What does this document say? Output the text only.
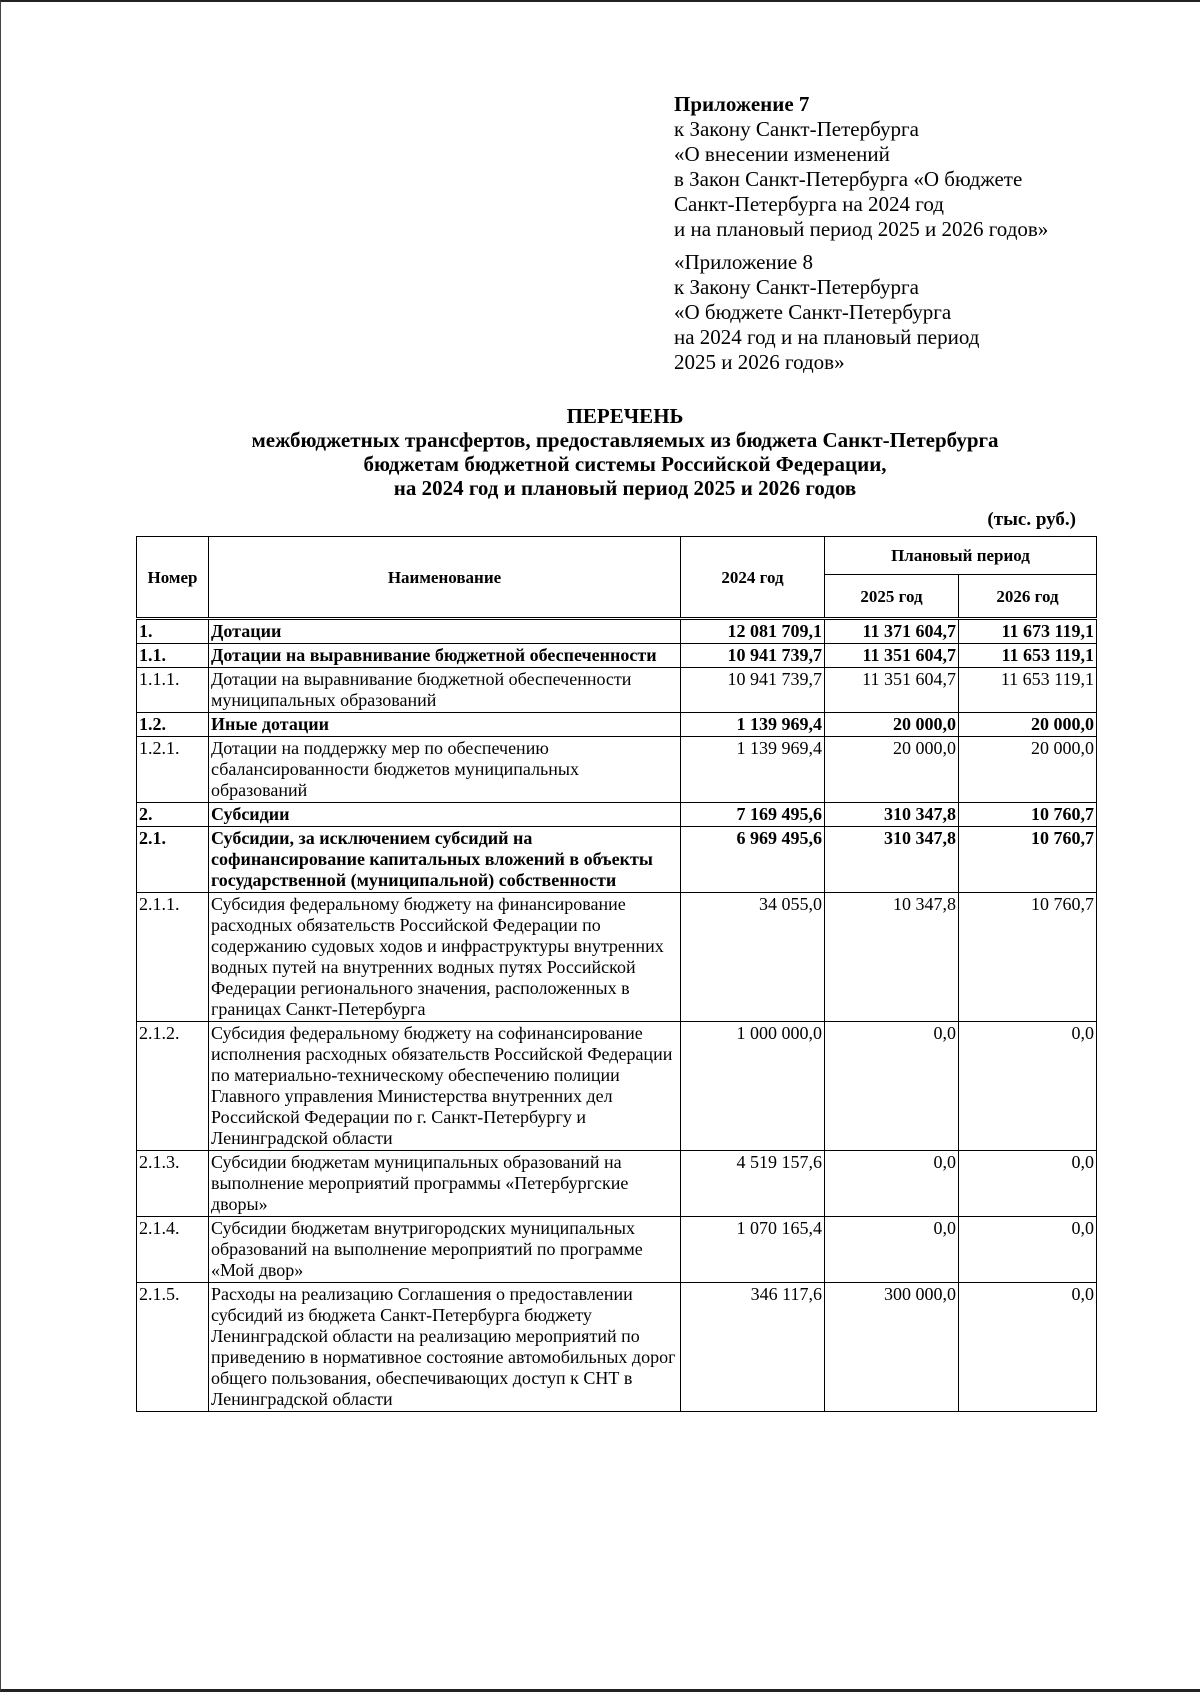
Приложение 7
к Закону Санкт-Петербурга
«О внесении изменений
в Закон Санкт-Петербурга «О бюджете
Санкт-Петербурга на 2024 год
и на плановый период 2025 и 2026 годов»
«Приложение 8
к Закону Санкт-Петербурга
«О бюджете Санкт-Петербурга
на 2024 год и на плановый период
2025 и 2026 годов»
ПЕРЕЧЕНЬ
межбюджетных трансфертов, предоставляемых из бюджета Санкт-Петербурга
бюджетам бюджетной системы Российской Федерации,
на 2024 год и плановый период 2025 и 2026 годов
(тыс. руб.)
Номер	Наименование	2024 год	Плановый период	
			2025 год	2026 год
1.	Дотации	12 081 709,1	11 371 604,7	11 673 119,1
1.1.	Дотации на выравнивание бюджетной обеспеченности	10 941 739,7	11 351 604,7	11 653 119,1
1.1.1.	Дотации на выравнивание бюджетной обеспеченности муниципальных образований	10 941 739,7	11 351 604,7	11 653 119,1
1.2.	Иные дотации	1 139 969,4	20 000,0	20 000,0
1.2.1.	Дотации на поддержку мер по обеспечению сбалансированности бюджетов муниципальных образований	1 139 969,4	20 000,0	20 000,0
2.	Субсидии	7 169 495,6	310 347,8	10 760,7
2.1.	Субсидии, за исключением субсидий на софинансирование капитальных вложений в объекты государственной (муниципальной) собственности	6 969 495,6	310 347,8	10 760,7
2.1.1.	Субсидия федеральному бюджету на финансирование расходных обязательств Российской Федерации по содержанию судовых ходов и инфраструктуры внутренних водных путей на внутренних водных путях Российской Федерации регионального значения, расположенных в границах Санкт-Петербурга	34 055,0	10 347,8	10 760,7
2.1.2.	Субсидия федеральному бюджету на софинансирование исполнения расходных обязательств Российской Федерации по материально-техническому обеспечению полиции Главного управления Министерства внутренних дел Российской Федерации по г. Санкт-Петербургу и Ленинградской области	1 000 000,0	0,0	0,0
2.1.3.	Субсидии бюджетам муниципальных образований на выполнение мероприятий программы «Петербургские дворы»	4 519 157,6	0,0	0,0
2.1.4.	Субсидии бюджетам внутригородских муниципальных образований на выполнение мероприятий по программе «Мой двор»	1 070 165,4	0,0	0,0
2.1.5.	Расходы на реализацию Соглашения о предоставлении субсидий из бюджета Санкт-Петербурга бюджету Ленинградской области на реализацию мероприятий по приведению в нормативное состояние автомобильных дорог общего пользования, обеспечивающих доступ к СНТ в Ленинградской области	346 117,6	300 000,0	0,0
